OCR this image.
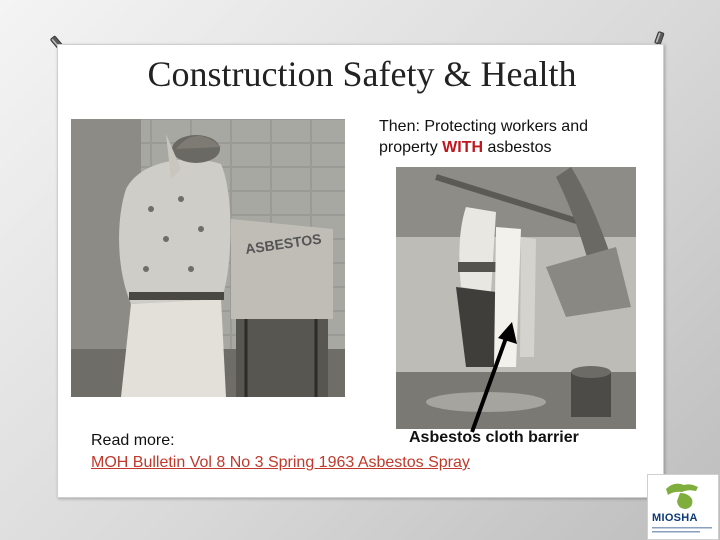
Construction Safety & Health
Then: Protecting workers and
property WITH asbestos
ASBESTOS
Asbestos cloth barrier
Read more:
MOH Bulletin Vol 8 No 3 Spring 1963 Asbestos Spray
MIOSHA
